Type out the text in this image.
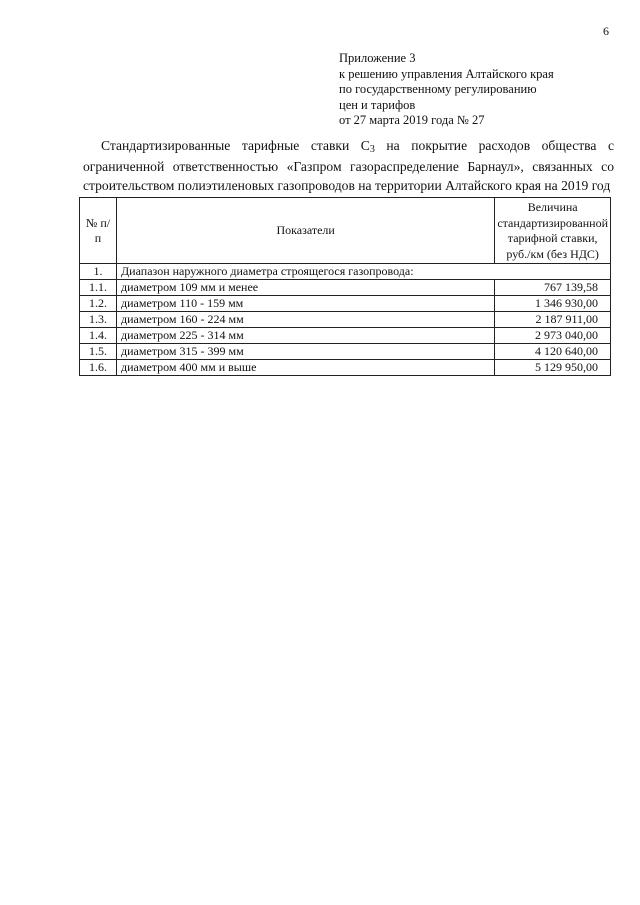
6
Приложение 3
к решению управления Алтайского края
по государственному регулированию
цен и тарифов
от 27 марта 2019 года № 27
Стандартизированные тарифные ставки $С_3$ на покрытие расходов общества с ограниченной ответственностью «Газпром газораспределение Барнаул», связанных со строительством полиэтиленовых газопроводов на территории Алтайского края на 2019 год
№ п/п	Показатели	Величина стандартизированной тарифной ставки, руб./км (без НДС)
1.	Диапазон наружного диаметра строящегося газопровода:	
1.1.	диаметром 109 мм и менее	767 139,58
1.2.	диаметром 110 - 159 мм	1 346 930,00
1.3.	диаметром 160 - 224 мм	2 187 911,00
1.4.	диаметром 225 - 314 мм	2 973 040,00
1.5.	диаметром 315 - 399 мм	4 120 640,00
1.6.	диаметром 400 мм и выше	5 129 950,00
